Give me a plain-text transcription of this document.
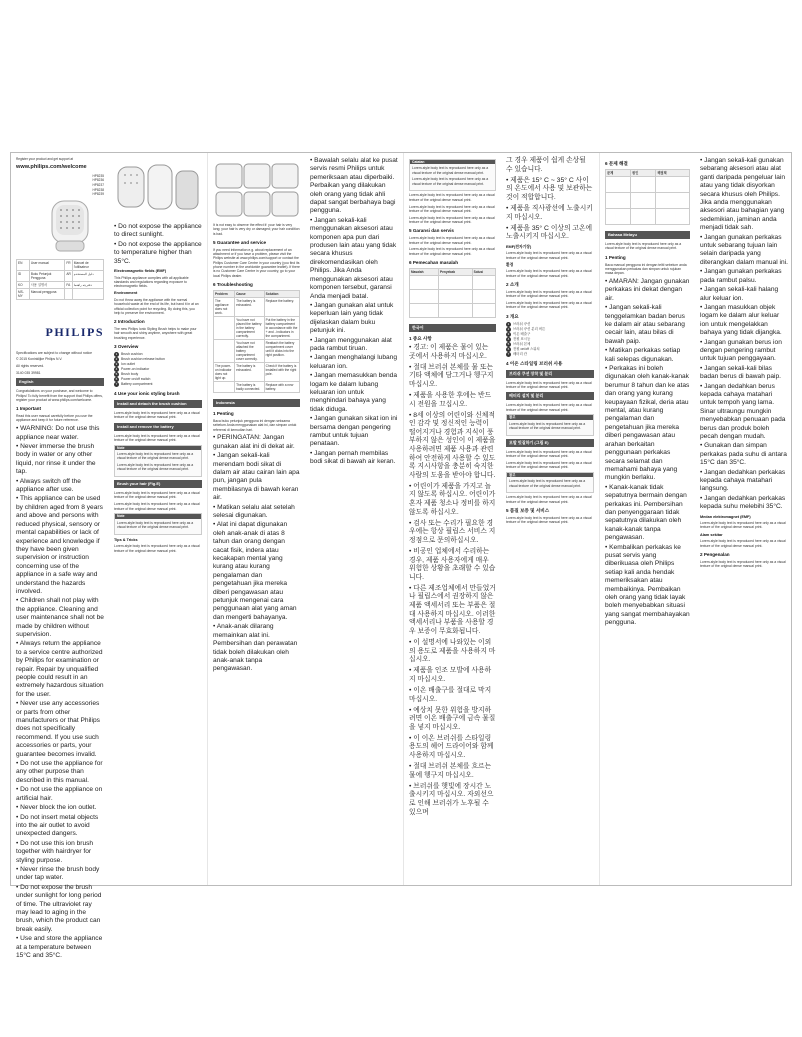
Register your product and get support at

www.philips.com/welcome

HP8235
HP8236
HP8237
HP8238
HP8239
EN	User manual	FR	Manuel de l'utilisateur
ID	Buku Petunjuk Pengguna	AR	دليل المستخدم
KO	사용 설명서	FA	دفترچه راهنما
MS-MY	Manual pengguna		

PHILIPS

Specifications are subject to change without notice

© 2015 Koninklijke Philips N.V.

All rights reserved.

3140 035 39981

English

Congratulations on your purchase, and welcome to Philips! To fully benefit from the support that Philips offers, register your product at www.philips.com/welcome.

1 Important

Read this user manual carefully before you use the appliance and keep it for future reference.

• WARNING: Do not use this appliance near water.

• Never immerse the brush body in water or any other liquid, nor rinse it under the tap.

• Always switch off the appliance after use.

• This appliance can be used by children aged from 8 years and above and persons with reduced physical, sensory or mental capabilities or lack of experience and knowledge if they have been given supervision or instruction concerning use of the appliance in a safe way and understand the hazards involved.

• Children shall not play with the appliance. Cleaning and user maintenance shall not be made by children without supervision.

• Always return the appliance to a service centre authorized by Philips for examination or repair. Repair by unqualified people could result in an extremely hazardous situation for the user.

• Never use any accessories or parts from other manufacturers or that Philips does not specifically recommend. If you use such accessories or parts, your guarantee becomes invalid.

• Do not use the appliance for any other purpose than described in this manual.

• Do not use the appliance on artificial hair.

• Never block the ion outlet.

• Do not insert metal objects into the air outlet to avoid unexpected dangers.

• Do not use this ion brush together with hairdryer for styling purpose.

• Never rinse the brush body under tap water.

• Do not expose the brush under sunlight for long period of time. The ultraviolet ray may lead to aging in the brush, which the product can break easily.

• Use and store the appliance at a temperature between 15°C and 35°C.

• Do not expose the appliance to direct sunlight.

• Do not expose the appliance to temperature higher than 35°C.

Electromagnetic fields (EMF)

This Philips appliance complies with all applicable standards and regulations regarding exposure to electromagnetic fields.

Environment

Do not throw away the appliance with the normal household waste at the end of its life, but hand it in at an official collection point for recycling. By doing this, you help to preserve the environment.

2 Introduction

The new Philips Ionic Styling Brush helps to make your hair smooth and shiny anytime, anywhere with great brushing experience.

3 Overview
1 Brush cushion
2 Brush cushion release button
3 Ion outlet
4 Power-on indicator
5 Brush body
6 Power on/off switch
7 Battery compartment
4 Use your ionic styling brush
Install and detach the brush cushion

Lorem-style body text is reproduced here only as a visual texture of the original dense manual print.

Install and remove the battery

Lorem-style body text is reproduced here only as a visual texture of the original dense manual print.

Note

Lorem-style body text is reproduced here only as a visual texture of the original dense manual print.

Lorem-style body text is reproduced here only as a visual texture of the original dense manual print.

Brush your hair (Fig.E)

Lorem-style body text is reproduced here only as a visual texture of the original dense manual print.

Lorem-style body text is reproduced here only as a visual texture of the original dense manual print.

Note

Lorem-style body text is reproduced here only as a visual texture of the original dense manual print.

Tips & Tricks

Lorem-style body text is reproduced here only as a visual texture of the original dense manual print.

It is not easy to observe the effect if: your hair is very long; your hair is very dry or damaged; your hair condition is bad.

5 Guarantee and service

If you need information e.g. about replacement of an attachment or if you have a problem, please visit the Philips website at www.philips.com/support or contact the Philips Customer Care Centre in your country (you find its phone number in the worldwide guarantee leaflet). If there is no Customer Care Centre in your country, go to your local Philips dealer.

6 Troubleshooting
Problem	Cause	Solution
The appliance does not work.	The battery is exhausted.	Replace the battery.
	You have not placed the battery in the battery compartment correctly.	Put the battery in the battery compartment in accordance with the + and - indicators in the compartment.
	You have not attached the battery compartment cover correctly.	Reattach the battery compartment cover until it clicks into the right position.
The power-on indicator does not light up.	The battery is exhausted.	Check if the battery is installed with the right pole.
	The battery is badly connected.	Replace with a new battery.
Indonesia
1 Penting

Baca buku petunjuk pengguna ini dengan seksama sebelum Anda menggunakan alat ini, dan simpan untuk referensi di kemudian hari.

• PERINGATAN: Jangan gunakan alat ini di dekat air.

• Jangan sekali-kali merendam bodi sikat di dalam air atau cairan lain apa pun, jangan pula membilasnya di bawah keran air.

• Matikan selalu alat setelah selesai digunakan.

• Alat ini dapat digunakan oleh anak-anak di atas 8 tahun dan orang dengan cacat fisik, indera atau kecakapan mental yang kurang atau kurang pengalaman dan pengetahuan jika mereka diberi pengawasan atau petunjuk mengenai cara penggunaan alat yang aman dan mengerti bahayanya.

• Anak-anak dilarang memainkan alat ini. Pembersihan dan perawatan tidak boleh dilakukan oleh anak-anak tanpa pengawasan.

• Bawalah selalu alat ke pusat servis resmi Philips untuk pemeriksaan atau diperbaiki. Perbaikan yang dilakukan oleh orang yang tidak ahli dapat sangat berbahaya bagi pengguna.

• Jangan sekali-kali menggunakan aksesori atau komponen apa pun dari produsen lain atau yang tidak secara khusus direkomendasikan oleh Philips. Jika Anda menggunakan aksesori atau komponen tersebut, garansi Anda menjadi batal.

• Jangan gunakan alat untuk keperluan lain yang tidak dijelaskan dalam buku petunjuk ini.

• Jangan menggunakan alat pada rambut tiruan.

• Jangan menghalangi lubang keluaran ion.

• Jangan memasukkan benda logam ke dalam lubang keluaran ion untuk menghindari bahaya yang tidak diduga.

• Jangan gunakan sikat ion ini bersama dengan pengering rambut untuk tujuan penataan.

• Jangan pernah membilas bodi sikat di bawah air keran.

Catatan

Lorem-style body text is reproduced here only as a visual texture of the original dense manual print.

Lorem-style body text is reproduced here only as a visual texture of the original dense manual print.

Lorem-style body text is reproduced here only as a visual texture of the original dense manual print.

Lorem-style body text is reproduced here only as a visual texture of the original dense manual print.

Lorem-style body text is reproduced here only as a visual texture of the original dense manual print.

5 Garansi dan servis

Lorem-style body text is reproduced here only as a visual texture of the original dense manual print.

Lorem-style body text is reproduced here only as a visual texture of the original dense manual print.

6 Pemecahan masalah
Masalah	Penyebab	Solusi

한국어
1 중요 사항

• 경고: 이 제품은 물이 있는 곳에서 사용하지 마십시오.

• 절대 브러쉬 본체를 물 또는 기타 액체에 담그거나 헹구지 마십시오.

• 제품을 사용한 후에는 반드시 전원을 끄십시오.

• 8세 이상의 어린이와 신체적인 감각 및 정신적인 능력이 떨어지거나 경험과 지식이 풍부하지 않은 성인이 이 제품을 사용하려면 제품 사용과 관련하여 안전하게 사용할 수 있도록 지시사항을 충분히 숙지한 사람의 도움을 받아야 합니다.

• 어린이가 제품을 가지고 놀지 않도록 하십시오. 어린이가 혼자 제품 청소나 정비를 하지 않도록 하십시오.

• 검사 또는 수리가 필요한 경우에는 항상 필립스 서비스 지정점으로 문의하십시오.

• 비공인 업체에서 수리하는 경우, 제품 사용자에게 매우 위험한 상황을 초래할 수 있습니다.

• 다른 제조업체에서 만들었거나 필립스에서 권장하지 않은 제품 액세서리 또는 부품은 절대 사용하지 마십시오. 이러한 액세서리나 부품을 사용할 경우 보증이 무효화됩니다.

• 이 설명서에 나와있는 이외의 용도로 제품을 사용하지 마십시오.

• 제품을 인조 모발에 사용하지 마십시오.

• 이온 배출구를 절대로 막지 마십시오.

• 예상치 못한 위험을 방지하려면 이온 배출구에 금속 물질을 넣지 마십시오.

• 이 이온 브러쉬를 스타일링 용도의 헤어 드라이어와 함께 사용하지 마십시오.

• 절대 브러쉬 본체를 흐르는 물에 헹구지 마십시오.

• 브러쉬를 햇빛에 장시간 노출시키지 마십시오. 자외선으로 인해 브러쉬가 노후될 수 있으며

그 경우 제품이 쉽게 손상될 수 있습니다.

• 제품은 15° C ~ 35° C 사이의 온도에서 사용 및 보관하는 것이 적합합니다.

• 제품을 직사광선에 노출시키지 마십시오.

• 제품을 35° C 이상의 고온에 노출시키지 마십시오.

EMF(전자기장)

Lorem-style body text is reproduced here only as a visual texture of the original dense manual print.

환경

Lorem-style body text is reproduced here only as a visual texture of the original dense manual print.

2 소개

Lorem-style body text is reproduced here only as a visual texture of the original dense manual print.

Lorem-style body text is reproduced here only as a visual texture of the original dense manual print.

3 개요
1 브러쉬 쿠션
2 브러쉬 쿠션 분리 버튼
3 이온 배출구
4 전원 표시등
5 브러쉬 본체
6 전원 on/off 스위치
7 배터리 칸
4 이온 스타일링 브러쉬 사용
브러쉬 쿠션 장착 및 분리

Lorem-style body text is reproduced here only as a visual texture of the original dense manual print.

배터리 설치 및 분리

Lorem-style body text is reproduced here only as a visual texture of the original dense manual print.

참고

Lorem-style body text is reproduced here only as a visual texture of the original dense manual print.

모발 빗질하기 (그림 E)

Lorem-style body text is reproduced here only as a visual texture of the original dense manual print.

Lorem-style body text is reproduced here only as a visual texture of the original dense manual print.

참고

Lorem-style body text is reproduced here only as a visual texture of the original dense manual print.

Lorem-style body text is reproduced here only as a visual texture of the original dense manual print.

5 품질 보증 및 서비스

Lorem-style body text is reproduced here only as a visual texture of the original dense manual print.

6 문제 해결
문제	원인	해결책

Bahasa Melayu

Lorem-style body text is reproduced here only as a visual texture of the original dense manual print.

1 Penting

Baca manual pengguna ini dengan teliti sebelum anda menggunakan perkakas dan simpan untuk rujukan masa depan.

• AMARAN: Jangan gunakan perkakas ini dekat dengan air.

• Jangan sekali-kali tenggelamkan badan berus ke dalam air atau sebarang cecair lain, atau bilas di bawah paip.

• Matikan perkakas setiap kali selepas digunakan.

• Perkakas ini boleh digunakan oleh kanak-kanak berumur 8 tahun dan ke atas dan orang yang kurang keupayaan fizikal, deria atau mental, atau kurang pengalaman dan pengetahuan jika mereka diberi pengawasan atau arahan berkaitan penggunaan perkakas secara selamat dan memahami bahaya yang mungkin berlaku.

• Kanak-kanak tidak sepatutnya bermain dengan perkakas ini. Pembersihan dan penyenggaraan tidak sepatutnya dilakukan oleh kanak-kanak tanpa pengawasan.

• Kembalikan perkakas ke pusat servis yang diberikuasa oleh Philips setiap kali anda hendak memeriksakan atau membaikinya. Pembaikan oleh orang yang tidak layak boleh menyebabkan situasi yang sangat membahayakan pengguna.

• Jangan sekali-kali gunakan sebarang aksesori atau alat ganti daripada pengeluar lain atau yang tidak disyorkan secara khusus oleh Philips. Jika anda menggunakan aksesori atau bahagian yang sedemikian, jaminan anda menjadi tidak sah.

• Jangan gunakan perkakas untuk sebarang tujuan lain selain daripada yang diterangkan dalam manual ini.

• Jangan gunakan perkakas pada rambut palsu.

• Jangan sekali-kali halang alur keluar ion.

• Jangan masukkan objek logam ke dalam alur keluar ion untuk mengelakkan bahaya yang tidak dijangka.

• Jangan gunakan berus ion dengan pengering rambut untuk tujuan penggayaan.

• Jangan sekali-kali bilas badan berus di bawah paip.

• Jangan dedahkan berus kepada cahaya matahari untuk tempoh yang lama. Sinar ultraungu mungkin menyebabkan penuaan pada berus dan produk boleh pecah dengan mudah.

• Gunakan dan simpan perkakas pada suhu di antara 15°C dan 35°C.

• Jangan dedahkan perkakas kepada cahaya matahari langsung.

• Jangan dedahkan perkakas kepada suhu melebihi 35°C.

Medan elektromagnet (EMF)

Lorem-style body text is reproduced here only as a visual texture of the original dense manual print.

Alam sekitar

Lorem-style body text is reproduced here only as a visual texture of the original dense manual print.

2 Pengenalan

Lorem-style body text is reproduced here only as a visual texture of the original dense manual print.
